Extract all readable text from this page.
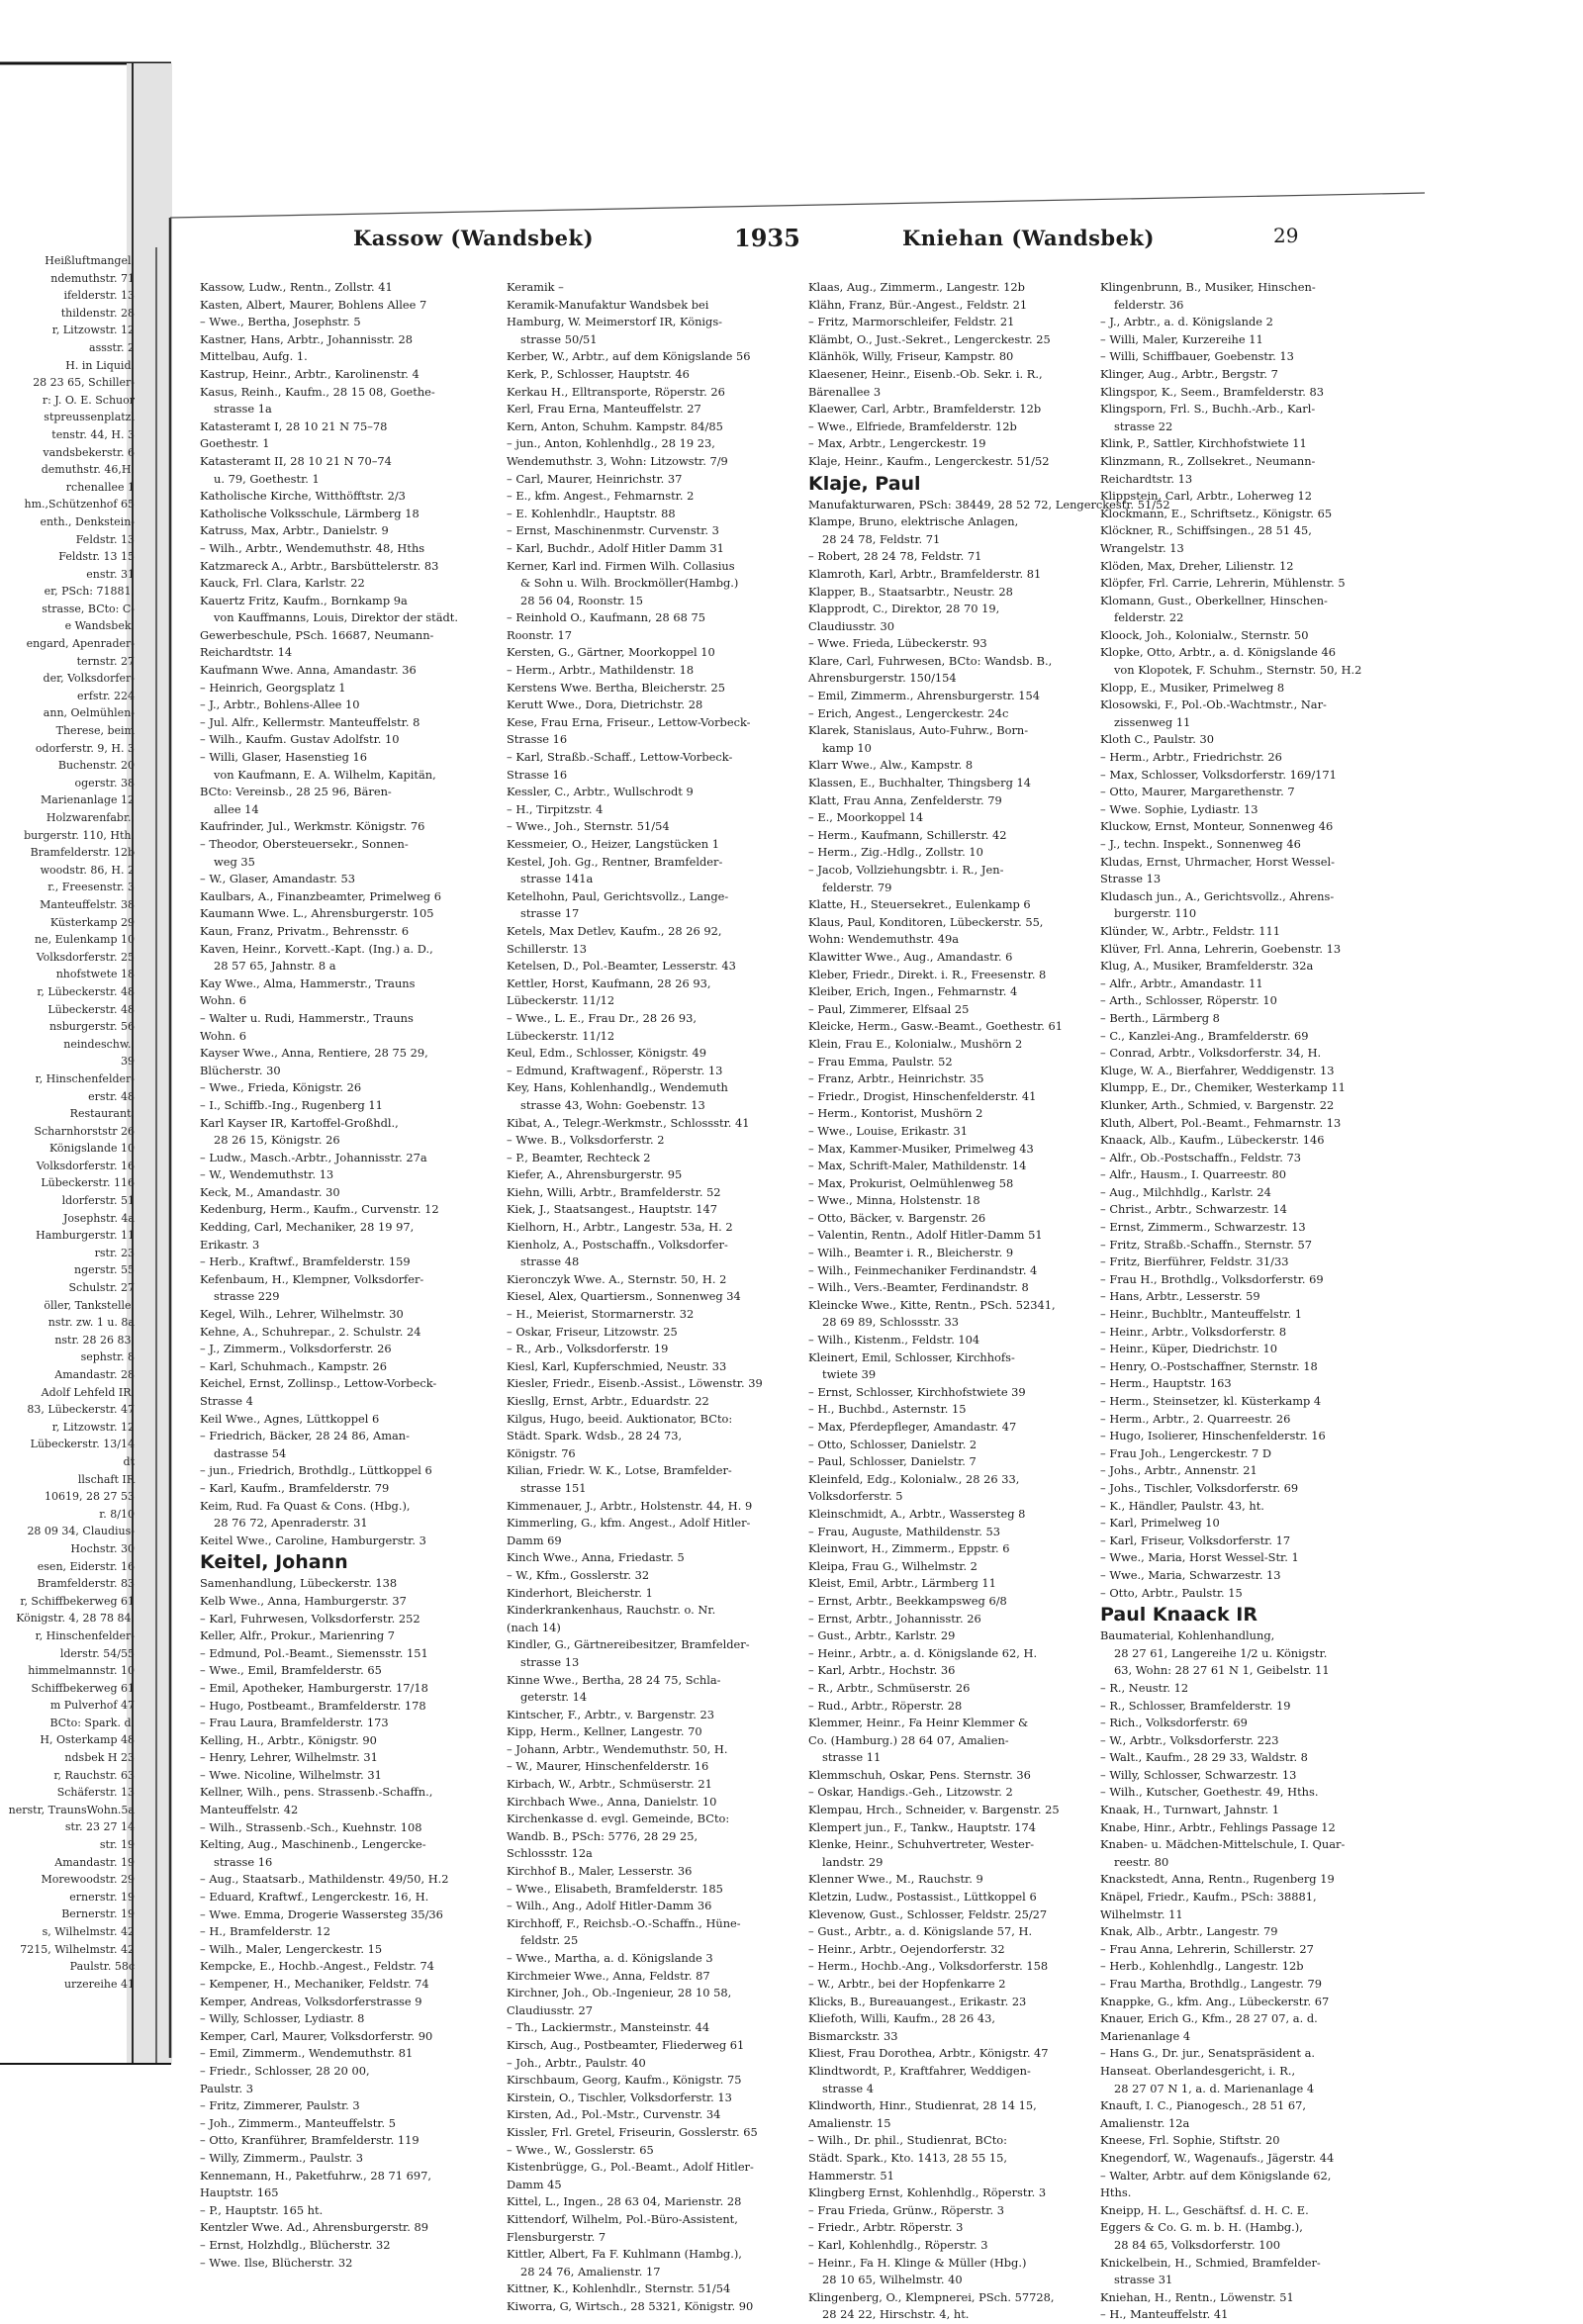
Heißluftmangel,
ndemuthstr. 71
ifelderstr. 13
thildenstr. 28
r, Litzowstr. 12
assstr. 2
H. in Liquid.
28 23 65, Schiller-
r: J. O. E. Schuor
stpreussenplatzl
tenstr. 44, H. 3
vandsbekerstr. 6
demuthstr. 46,H.
rchenallee 1
hm.,Schützenhof 65
enth., Denkstein-
Feldstr. 13
Feldstr. 13 15
enstr. 31
er, PSch: 71881,
strasse, BCto: C-
e Wandsbek,
engard, Apenrader-
ternstr. 27
der, Volksdorfer-
erfstr. 224
ann, Oelmühlen-
Therese, beim
odorferstr. 9, H. 3
Buchenstr. 20
ogerstr. 38
Marienanlage 12
Holzwarenfabr.,
burgerstr. 110, Hth.
Bramfelderstr. 12b
woodstr. 86, H. 2
r., Freesenstr. 3
Manteuffelstr. 38
Küsterkamp 29
ne, Eulenkamp 10
Volksdorferstr. 25
nhofstwete 18
r, Lübeckerstr. 48
Lübeckerstr. 48
nsburgerstr. 56
neindeschw.,
39
r, Hinschenfelder-
erstr. 48
Restaurant,
Scharnhorststr 26
Königslande 10
Volksdorferstr. 16
Lübeckerstr. 116
ldorferstr. 51
Josephstr. 4a
Hamburgerstr. 11
rstr. 23
ngerstr. 55
Schulstr. 27
öller, Tankstelle,
nstr. zw. 1 u. 8a
nstr. 28 26 83,
sephstr. 8
Amandastr. 28
Adolf Lehfeld IR,
83, Lübeckerstr. 47
r, Litzowstr. 12
Lübeckerstr. 13/14
dt
llschaft IR
10619, 28 27 53
r. 8/10
28 09 34, Claudius-
Hochstr. 30
esen, Eiderstr. 16
Bramfelderstr. 83
r, Schiffbekerweg 61
Königstr. 4, 28 78 84,
r, Hinschenfelder-
lderstr. 54/55
himmelmannstr. 10
Schiffbekerweg 61
m Pulverhof 47
BCto: Spark. d.
H, Osterkamp 48
ndsbek H 23
r, Rauchstr. 63
Schäferstr. 13
nerstr, TraunsWohn.5a
str. 23 27 14
str. 19
Amandastr. 19
Morewoodstr. 29
ernerstr. 19
Bernerstr. 19
s, Wilhelmstr. 42
7215, Wilhelmstr. 42
Paulstr. 58c
urzereihe 41
Kassow (Wandsbek)	1935	Kniehan (Wandsbek)	29
Kassow, Ludw., Rentn., Zollstr. 41
Kasten, Albert, Maurer, Bohlens Allee 7
– Wwe., Bertha, Josephstr. 5
Kastner, Hans, Arbtr., Johannisstr. 28
Mittelbau, Aufg. 1.
Kastrup, Heinr., Arbtr., Karolinenstr. 4
Kasus, Reinh., Kaufm., 28 15 08, Goethe-
strasse 1a
Katasteramt I, 28 10 21 N 75–78
Goethestr. 1
Katasteramt II, 28 10 21 N 70–74
u. 79, Goethestr. 1
Katholische Kirche, Witthöfftstr. 2/3
Katholische Volksschule, Lärmberg 18
Katruss, Max, Arbtr., Danielstr. 9
– Wilh., Arbtr., Wendemuthstr. 48, Hths
Katzmareck A., Arbtr., Barsbüttelerstr. 83
Kauck, Frl. Clara, Karlstr. 22
Kauertz Fritz, Kaufm., Bornkamp 9a
von Kauffmanns, Louis, Direktor der städt.
Gewerbeschule, PSch. 16687, Neumann-
Reichardtstr. 14
Kaufmann Wwe. Anna, Amandastr. 36
– Heinrich, Georgsplatz 1
– J., Arbtr., Bohlens-Allee 10
– Jul. Alfr., Kellermstr. Manteuffelstr. 8
– Wilh., Kaufm. Gustav Adolfstr. 10
– Willi, Glaser, Hasenstieg 16
von Kaufmann, E. A. Wilhelm, Kapitän,
BCto: Vereinsb., 28 25 96, Bären-
allee 14
Kaufrinder, Jul., Werkmstr. Königstr. 76
– Theodor, Obersteuersekr., Sonnen-
weg 35
– W., Glaser, Amandastr. 53
Kaulbars, A., Finanzbeamter, Primelweg 6
Kaumann Wwe. L., Ahrensburgerstr. 105
Kaun, Franz, Privatm., Behrensstr. 6
Kaven, Heinr., Korvett.-Kapt. (Ing.) a. D.,
28 57 65, Jahnstr. 8 a
Kay Wwe., Alma, Hammerstr., Trauns
Wohn. 6
– Walter u. Rudi, Hammerstr., Trauns
Wohn. 6
Kayser Wwe., Anna, Rentiere, 28 75 29,
Blücherstr. 30
– Wwe., Frieda, Königstr. 26
– I., Schiffb.-Ing., Rugenberg 11
Karl Kayser IR, Kartoffel-Großhdl.,
28 26 15, Königstr. 26
– Ludw., Masch.-Arbtr., Johannisstr. 27a
– W., Wendemuthstr. 13
Keck, M., Amandastr. 30
Kedenburg, Herm., Kaufm., Curvenstr. 12
Kedding, Carl, Mechaniker, 28 19 97,
Erikastr. 3
– Herb., Kraftwf., Bramfelderstr. 159
Kefenbaum, H., Klempner, Volksdorfer-
strasse 229
Kegel, Wilh., Lehrer, Wilhelmstr. 30
Kehne, A., Schuhrepar., 2. Schulstr. 24
– J., Zimmerm., Volksdorferstr. 26
– Karl, Schuhmach., Kampstr. 26
Keichel, Ernst, Zollinsp., Lettow-Vorbeck-
Strasse 4
Keil Wwe., Agnes, Lüttkoppel 6
– Friedrich, Bäcker, 28 24 86, Aman-
dastrasse 54
– jun., Friedrich, Brothdlg., Lüttkoppel 6
– Karl, Kaufm., Bramfelderstr. 79
Keim, Rud. Fa Quast & Cons. (Hbg.),
28 76 72, Apenraderstr. 31
Keitel Wwe., Caroline, Hamburgerstr. 3
Keitel, Johann
Samenhandlung, Lübeckerstr. 138
Kelb Wwe., Anna, Hamburgerstr. 37
– Karl, Fuhrwesen, Volksdorferstr. 252
Keller, Alfr., Prokur., Marienring 7
– Edmund, Pol.-Beamt., Siemensstr. 151
– Wwe., Emil, Bramfelderstr. 65
– Emil, Apotheker, Hamburgerstr. 17/18
– Hugo, Postbeamt., Bramfelderstr. 178
– Frau Laura, Bramfelderstr. 173
Kelling, H., Arbtr., Königstr. 90
– Henry, Lehrer, Wilhelmstr. 31
– Wwe. Nicoline, Wilhelmstr. 31
Kellner, Wilh., pens. Strassenb.-Schaffn.,
Manteuffelstr. 42
– Wilh., Strassenb.-Sch., Kuehnstr. 108
Kelting, Aug., Maschinenb., Lengercke-
strasse 16
– Aug., Staatsarb., Mathildenstr. 49/50, H.2
– Eduard, Kraftwf., Lengerckestr. 16, H.
– Wwe. Emma, Drogerie Wassersteg 35/36
– H., Bramfelderstr. 12
– Wilh., Maler, Lengerckestr. 15
Kempcke, E., Hochb.-Angest., Feldstr. 74
– Kempener, H., Mechaniker, Feldstr. 74
Kemper, Andreas, Volksdorferstrasse 9
– Willy, Schlosser, Lydiastr. 8
Kemper, Carl, Maurer, Volksdorferstr. 90
– Emil, Zimmerm., Wendemuthstr. 81
– Friedr., Schlosser, 28 20 00,
Paulstr. 3
– Fritz, Zimmerer, Paulstr. 3
– Joh., Zimmerm., Manteuffelstr. 5
– Otto, Kranführer, Bramfelderstr. 119
– Willy, Zimmerm., Paulstr. 3
Kennemann, H., Paketfuhrw., 28 71 697,
Hauptstr. 165
– P., Hauptstr. 165 ht.
Kentzler Wwe. Ad., Ahrensburgerstr. 89
– Ernst, Holzhdlg., Blücherstr. 32
– Wwe. Ilse, Blücherstr. 32
Keramik –
Keramik-Manufaktur Wandsbek bei
Hamburg, W. Meimerstorf IR, Königs-
strasse 50/51
Kerber, W., Arbtr., auf dem Königslande 56
Kerk, P., Schlosser, Hauptstr. 46
Kerkau H., Elltransporte, Röperstr. 26
Kerl, Frau Erna, Manteuffelstr. 27
Kern, Anton, Schuhm. Kampstr. 84/85
– jun., Anton, Kohlenhdlg., 28 19 23,
Wendemuthstr. 3, Wohn: Litzowstr. 7/9
– Carl, Maurer, Heinrichstr. 37
– E., kfm. Angest., Fehmarnstr. 2
– E. Kohlenhdlr., Hauptstr. 88
– Ernst, Maschinenmstr. Curvenstr. 3
– Karl, Buchdr., Adolf Hitler Damm 31
Kerner, Karl ind. Firmen Wilh. Collasius
& Sohn u. Wilh. Brockmöller(Hambg.)
28 56 04, Roonstr. 15
– Reinhold O., Kaufmann, 28 68 75
Roonstr. 17
Kersten, G., Gärtner, Moorkoppel 10
– Herm., Arbtr., Mathildenstr. 18
Kerstens Wwe. Bertha, Bleicherstr. 25
Kerutt Wwe., Dora, Dietrichstr. 28
Kese, Frau Erna, Friseur., Lettow-Vorbeck-
Strasse 16
– Karl, Straßb.-Schaff., Lettow-Vorbeck-
Strasse 16
Kessler, C., Arbtr., Wullschrodt 9
– H., Tirpitzstr. 4
– Wwe., Joh., Sternstr. 51/54
Kessmeier, O., Heizer, Langstücken 1
Kestel, Joh. Gg., Rentner, Bramfelder-
strasse 141a
Ketelhohn, Paul, Gerichtsvollz., Lange-
strasse 17
Ketels, Max Detlev, Kaufm., 28 26 92,
Schillerstr. 13
Ketelsen, D., Pol.-Beamter, Lesserstr. 43
Kettler, Horst, Kaufmann, 28 26 93,
Lübeckerstr. 11/12
– Wwe., L. E., Frau Dr., 28 26 93,
Lübeckerstr. 11/12
Keul, Edm., Schlosser, Königstr. 49
– Edmund, Kraftwagenf., Röperstr. 13
Key, Hans, Kohlenhandlg., Wendemuth
strasse 43, Wohn: Goebenstr. 13
Kibat, A., Telegr.-Werkmstr., Schlossstr. 41
– Wwe. B., Volksdorferstr. 2
– P., Beamter, Rechteck 2
Kiefer, A., Ahrensburgerstr. 95
Kiehn, Willi, Arbtr., Bramfelderstr. 52
Kiek, J., Staatsangest., Hauptstr. 147
Kielhorn, H., Arbtr., Langestr. 53a, H. 2
Kienholz, A., Postschaffn., Volksdorfer-
strasse 48
Kieronczyk Wwe. A., Sternstr. 50, H. 2
Kiesel, Alex, Quartiersm., Sonnenweg 34
– H., Meierist, Stormarnerstr. 32
– Oskar, Friseur, Litzowstr. 25
– R., Arb., Volksdorferstr. 19
Kiesl, Karl, Kupferschmied, Neustr. 33
Kiesler, Friedr., Eisenb.-Assist., Löwenstr. 39
Kiesllg, Ernst, Arbtr., Eduardstr. 22
Kilgus, Hugo, beeid. Auktionator, BCto:
Städt. Spark. Wdsb., 28 24 73,
Königstr. 76
Kilian, Friedr. W. K., Lotse, Bramfelder-
strasse 151
Kimmenauer, J., Arbtr., Holstenstr. 44, H. 9
Kimmerling, G., kfm. Angest., Adolf Hitler-
Damm 69
Kinch Wwe., Anna, Friedastr. 5
– W., Kfm., Gosslerstr. 32
Kinderhort, Bleicherstr. 1
Kinderkrankenhaus, Rauchstr. o. Nr.
(nach 14)
Kindler, G., Gärtnereibesitzer, Bramfelder-
strasse 13
Kinne Wwe., Bertha, 28 24 75, Schla-
geterstr. 14
Kintscher, F., Arbtr., v. Bargenstr. 23
Kipp, Herm., Kellner, Langestr. 70
– Johann, Arbtr., Wendemuthstr. 50, H.
– W., Maurer, Hinschenfelderstr. 16
Kirbach, W., Arbtr., Schmüserstr. 21
Kirchbach Wwe., Anna, Danielstr. 10
Kirchenkasse d. evgl. Gemeinde, BCto:
Wandb. B., PSch: 5776, 28 29 25,
Schlossstr. 12a
Kirchhof B., Maler, Lesserstr. 36
– Wwe., Elisabeth, Bramfelderstr. 185
– Wilh., Ang., Adolf Hitler-Damm 36
Kirchhoff, F., Reichsb.-O.-Schaffn., Hüne-
feldstr. 25
– Wwe., Martha, a. d. Königslande 3
Kirchmeier Wwe., Anna, Feldstr. 87
Kirchner, Joh., Ob.-Ingenieur, 28 10 58,
Claudiusstr. 27
– Th., Lackiermstr., Mansteinstr. 44
Kirsch, Aug., Postbeamter, Fliederweg 61
– Joh., Arbtr., Paulstr. 40
Kirschbaum, Georg, Kaufm., Königstr. 75
Kirstein, O., Tischler, Volksdorferstr. 13
Kirsten, Ad., Pol.-Mstr., Curvenstr. 34
Kissler, Frl. Gretel, Friseurin, Gosslerstr. 65
– Wwe., W., Gosslerstr. 65
Kistenbrügge, G., Pol.-Beamt., Adolf Hitler-
Damm 45
Kittel, L., Ingen., 28 63 04, Marienstr. 28
Kittendorf, Wilhelm, Pol.-Büro-Assistent,
Flensburgerstr. 7
Kittler, Albert, Fa F. Kuhlmann (Hambg.),
28 24 76, Amalienstr. 17
Kittner, K., Kohlenhdlr., Sternstr. 51/54
Kiworra, G, Wirtsch., 28 5321, Königstr. 90
Klaas, Aug., Zimmerm., Langestr. 12b
Klähn, Franz, Bür.-Angest., Feldstr. 21
– Fritz, Marmorschleifer, Feldstr. 21
Klämbt, O., Just.-Sekret., Lengerckestr. 25
Klänhök, Willy, Friseur, Kampstr. 80
Klaesener, Heinr., Eisenb.-Ob. Sekr. i. R.,
Bärenallee 3
Klaewer, Carl, Arbtr., Bramfelderstr. 12b
– Wwe., Elfriede, Bramfelderstr. 12b
– Max, Arbtr., Lengerckestr. 19
Klaje, Heinr., Kaufm., Lengerckestr. 51/52
Klaje, Paul
Manufakturwaren, PSch: 38449, 28 52 72, Lengerckestr. 51/52
Klampe, Bruno, elektrische Anlagen,
28 24 78, Feldstr. 71
– Robert, 28 24 78, Feldstr. 71
Klamroth, Karl, Arbtr., Bramfelderstr. 81
Klapper, B., Staatsarbtr., Neustr. 28
Klapprodt, C., Direktor, 28 70 19,
Claudiusstr. 30
– Wwe. Frieda, Lübeckerstr. 93
Klare, Carl, Fuhrwesen, BCto: Wandsb. B.,
Ahrensburgerstr. 150/154
– Emil, Zimmerm., Ahrensburgerstr. 154
– Erich, Angest., Lengerckestr. 24c
Klarek, Stanislaus, Auto-Fuhrw., Born-
kamp 10
Klarr Wwe., Alw., Kampstr. 8
Klassen, E., Buchhalter, Thingsberg 14
Klatt, Frau Anna, Zenfelderstr. 79
– E., Moorkoppel 14
– Herm., Kaufmann, Schillerstr. 42
– Herm., Zig.-Hdlg., Zollstr. 10
– Jacob, Vollziehungsbtr. i. R., Jen-
felderstr. 79
Klatte, H., Steuersekret., Eulenkamp 6
Klaus, Paul, Konditoren, Lübeckerstr. 55,
Wohn: Wendemuthstr. 49a
Klawitter Wwe., Aug., Amandastr. 6
Kleber, Friedr., Direkt. i. R., Freesenstr. 8
Kleiber, Erich, Ingen., Fehmarnstr. 4
– Paul, Zimmerer, Elfsaal 25
Kleicke, Herm., Gasw.-Beamt., Goethestr. 61
Klein, Frau E., Kolonialw., Mushörn 2
– Frau Emma, Paulstr. 52
– Franz, Arbtr., Heinrichstr. 35
– Friedr., Drogist, Hinschenfelderstr. 41
– Herm., Kontorist, Mushörn 2
– Wwe., Louise, Erikastr. 31
– Max, Kammer-Musiker, Primelweg 43
– Max, Schrift-Maler, Mathildenstr. 14
– Max, Prokurist, Oelmühlenweg 58
– Wwe., Minna, Holstenstr. 18
– Otto, Bäcker, v. Bargenstr. 26
– Valentin, Rentn., Adolf Hitler-Damm 51
– Wilh., Beamter i. R., Bleicherstr. 9
– Wilh., Feinmechaniker Ferdinandstr. 4
– Wilh., Vers.-Beamter, Ferdinandstr. 8
Kleincke Wwe., Kitte, Rentn., PSch. 52341,
28 69 89, Schlossstr. 33
– Wilh., Kistenm., Feldstr. 104
Kleinert, Emil, Schlosser, Kirchhofs-
twiete 39
– Ernst, Schlosser, Kirchhofstwiete 39
– H., Buchbd., Asternstr. 15
– Max, Pferdepfleger, Amandastr. 47
– Otto, Schlosser, Danielstr. 2
– Paul, Schlosser, Danielstr. 7
Kleinfeld, Edg., Kolonialw., 28 26 33,
Volksdorferstr. 5
Kleinschmidt, A., Arbtr., Wassersteg 8
– Frau, Auguste, Mathildenstr. 53
Kleinwort, H., Zimmerm., Eppstr. 6
Kleipa, Frau G., Wilhelmstr. 2
Kleist, Emil, Arbtr., Lärmberg 11
– Ernst, Arbtr., Beekkampsweg 6/8
– Ernst, Arbtr., Johannisstr. 26
– Gust., Arbtr., Karlstr. 29
– Heinr., Arbtr., a. d. Königslande 62, H.
– Karl, Arbtr., Hochstr. 36
– R., Arbtr., Schmüserstr. 26
– Rud., Arbtr., Röperstr. 28
Klemmer, Heinr., Fa Heinr Klemmer &
Co. (Hamburg.) 28 64 07, Amalien-
strasse 11
Klemmschuh, Oskar, Pens. Sternstr. 36
– Oskar, Handigs.-Geh., Litzowstr. 2
Klempau, Hrch., Schneider, v. Bargenstr. 25
Klempert jun., F., Tankw., Hauptstr. 174
Klenke, Heinr., Schuhvertreter, Wester-
landstr. 29
Klenner Wwe., M., Rauchstr. 9
Kletzin, Ludw., Postassist., Lüttkoppel 6
Klevenow, Gust., Schlosser, Feldstr. 25/27
– Gust., Arbtr., a. d. Königslande 57, H.
– Heinr., Arbtr., Oejendorferstr. 32
– Herm., Hochb.-Ang., Volksdorferstr. 158
– W., Arbtr., bei der Hopfenkarre 2
Klicks, B., Bureauangest., Erikastr. 23
Kliefoth, Willi, Kaufm., 28 26 43,
Bismarckstr. 33
Kliest, Frau Dorothea, Arbtr., Königstr. 47
Klindtwordt, P., Kraftfahrer, Weddigen-
strasse 4
Klindworth, Hinr., Studienrat, 28 14 15,
Amalienstr. 15
– Wilh., Dr. phil., Studienrat, BCto:
Städt. Spark., Kto. 1413, 28 55 15,
Hammerstr. 51
Klingberg Ernst, Kohlenhdlg., Röperstr. 3
– Frau Frieda, Grünw., Röperstr. 3
– Friedr., Arbtr. Röperstr. 3
– Karl, Kohlenhdlg., Röperstr. 3
– Heinr., Fa H. Klinge & Müller (Hbg.)
28 10 65, Wilhelmstr. 40
Klingenberg, O., Klempnerei, PSch. 57728,
28 24 22, Hirschstr. 4, ht.
Klingenbrunn, B., Musiker, Hinschen-
felderstr. 36
– J., Arbtr., a. d. Königslande 2
– Willi, Maler, Kurzereihe 11
– Willi, Schiffbauer, Goebenstr. 13
Klinger, Aug., Arbtr., Bergstr. 7
Klingspor, K., Seem., Bramfelderstr. 83
Klingsporn, Frl. S., Buchh.-Arb., Karl-
strasse 22
Klink, P., Sattler, Kirchhofstwiete 11
Klinzmann, R., Zollsekret., Neumann-
Reichardtstr. 13
Klippstein, Carl, Arbtr., Loherweg 12
Klockmann, E., Schriftsetz., Königstr. 65
Klöckner, R., Schiffsingen., 28 51 45,
Wrangelstr. 13
Klöden, Max, Dreher, Lilienstr. 12
Klöpfer, Frl. Carrie, Lehrerin, Mühlenstr. 5
Klomann, Gust., Oberkellner, Hinschen-
felderstr. 22
Kloock, Joh., Kolonialw., Sternstr. 50
Klopke, Otto, Arbtr., a. d. Königslande 46
von Klopotek, F. Schuhm., Sternstr. 50, H.2
Klopp, E., Musiker, Primelweg 8
Klosowski, F., Pol.-Ob.-Wachtmstr., Nar-
zissenweg 11
Kloth C., Paulstr. 30
– Herm., Arbtr., Friedrichstr. 26
– Max, Schlosser, Volksdorferstr. 169/171
– Otto, Maurer, Margarethenstr. 7
– Wwe. Sophie, Lydiastr. 13
Kluckow, Ernst, Monteur, Sonnenweg 46
– J., techn. Inspekt., Sonnenweg 46
Kludas, Ernst, Uhrmacher, Horst Wessel-
Strasse 13
Kludasch jun., A., Gerichtsvollz., Ahrens-
burgerstr. 110
Klünder, W., Arbtr., Feldstr. 111
Klüver, Frl. Anna, Lehrerin, Goebenstr. 13
Klug, A., Musiker, Bramfelderstr. 32a
– Alfr., Arbtr., Amandastr. 11
– Arth., Schlosser, Röperstr. 10
– Berth., Lärmberg 8
– C., Kanzlei-Ang., Bramfelderstr. 69
– Conrad, Arbtr., Volksdorferstr. 34, H.
Kluge, W. A., Bierfahrer, Weddigenstr. 13
Klumpp, E., Dr., Chemiker, Westerkamp 11
Klunker, Arth., Schmied, v. Bargenstr. 22
Kluth, Albert, Pol.-Beamt., Fehmarnstr. 13
Knaack, Alb., Kaufm., Lübeckerstr. 146
– Alfr., Ob.-Postschaffn., Feldstr. 73
– Alfr., Hausm., I. Quarreestr. 80
– Aug., Milchhdlg., Karlstr. 24
– Christ., Arbtr., Schwarzestr. 14
– Ernst, Zimmerm., Schwarzestr. 13
– Fritz, Straßb.-Schaffn., Sternstr. 57
– Fritz, Bierführer, Feldstr. 31/33
– Frau H., Brothdlg., Volksdorferstr. 69
– Hans, Arbtr., Lesserstr. 59
– Heinr., Buchbltr., Manteuffelstr. 1
– Heinr., Arbtr., Volksdorferstr. 8
– Heinr., Küper, Diedrichstr. 10
– Henry, O.-Postschaffner, Sternstr. 18
– Herm., Hauptstr. 163
– Herm., Steinsetzer, kl. Küsterkamp 4
– Herm., Arbtr., 2. Quarreestr. 26
– Hugo, Isolierer, Hinschenfelderstr. 16
– Frau Joh., Lengerckestr. 7 D
– Johs., Arbtr., Annenstr. 21
– Johs., Tischler, Volksdorferstr. 69
– K., Händler, Paulstr. 43, ht.
– Karl, Primelweg 10
– Karl, Friseur, Volksdorferstr. 17
– Wwe., Maria, Horst Wessel-Str. 1
– Wwe., Maria, Schwarzestr. 13
– Otto, Arbtr., Paulstr. 15
Paul Knaack IR
Baumaterial, Kohlenhandlung,
28 27 61, Langereihe 1/2 u. Königstr.
63, Wohn: 28 27 61 N 1, Geibelstr. 11
– R., Neustr. 12
– R., Schlosser, Bramfelderstr. 19
– Rich., Volksdorferstr. 69
– W., Arbtr., Volksdorferstr. 223
– Walt., Kaufm., 28 29 33, Waldstr. 8
– Willy, Schlosser, Schwarzestr. 13
– Wilh., Kutscher, Goethestr. 49, Hths.
Knaak, H., Turnwart, Jahnstr. 1
Knabe, Hinr., Arbtr., Fehlings Passage 12
Knaben- u. Mädchen-Mittelschule, I. Quar-
reestr. 80
Knackstedt, Anna, Rentn., Rugenberg 19
Knäpel, Friedr., Kaufm., PSch: 38881,
Wilhelmstr. 11
Knak, Alb., Arbtr., Langestr. 79
– Frau Anna, Lehrerin, Schillerstr. 27
– Herb., Kohlenhdlg., Langestr. 12b
– Frau Martha, Brothdlg., Langestr. 79
Knappke, G., kfm. Ang., Lübeckerstr. 67
Knauer, Erich G., Kfm., 28 27 07, a. d.
Marienanlage 4
– Hans G., Dr. jur., Senatspräsident a.
Hanseat. Oberlandesgericht, i. R.,
28 27 07 N 1, a. d. Marienanlage 4
Knauft, I. C., Pianogesch., 28 51 67,
Amalienstr. 12a
Kneese, Frl. Sophie, Stiftstr. 20
Knegendorf, W., Wagenaufs., Jägerstr. 44
– Walter, Arbtr. auf dem Königslande 62,
Hths.
Kneipp, H. L., Geschäftsf. d. H. C. E.
Eggers & Co. G. m. b. H. (Hambg.),
28 84 65, Volksdorferstr. 100
Knickelbein, H., Schmied, Bramfelder-
strasse 31
Kniehan, H., Rentn., Löwenstr. 51
– H., Manteuffelstr. 41
